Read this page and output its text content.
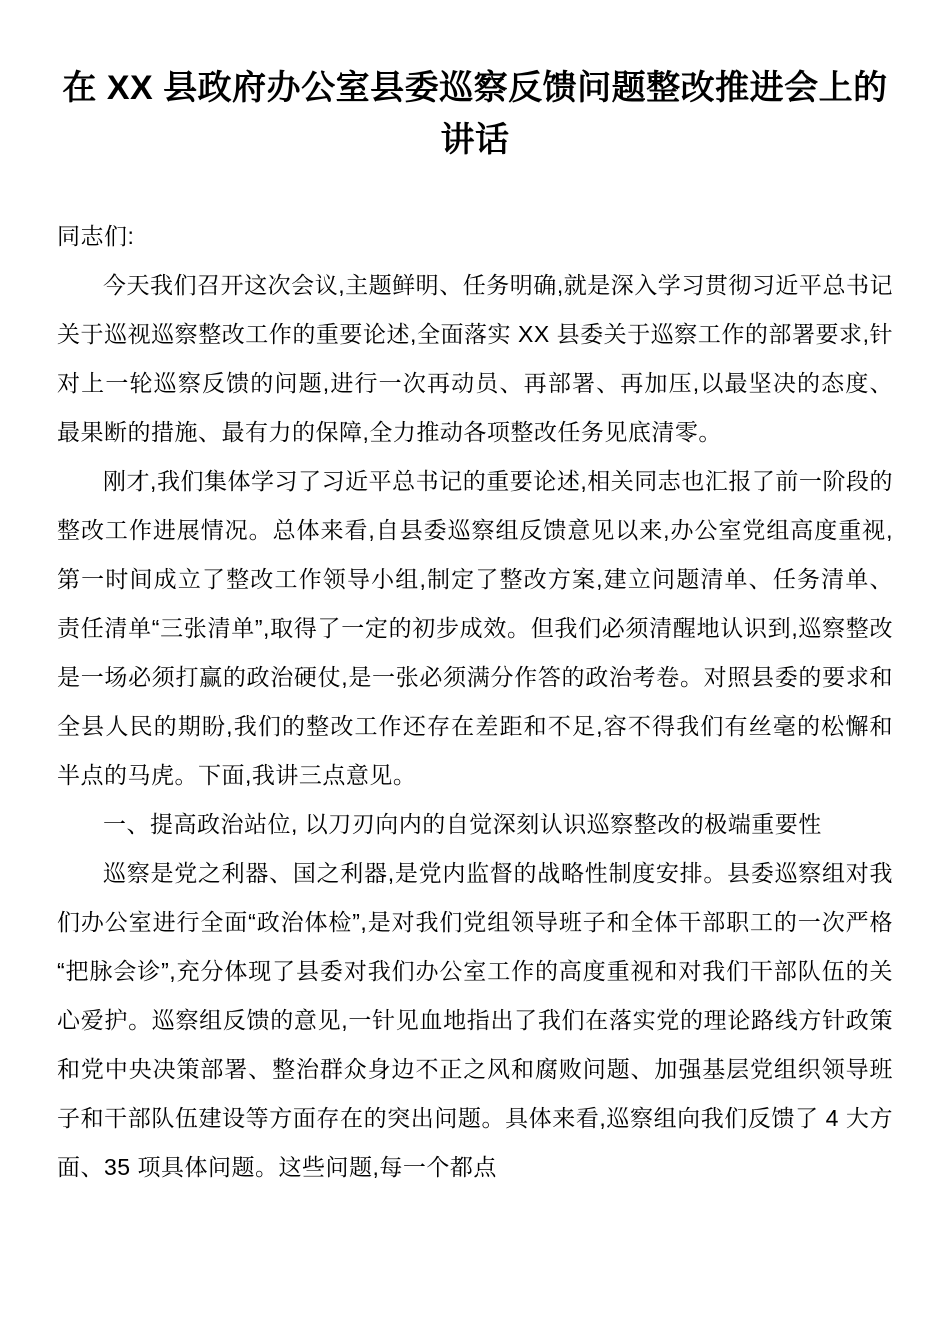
在 XX 县政府办公室县委巡察反馈问题整改推进会上的讲话

同志们:

今天我们召开这次会议,主题鲜明、任务明确,就是深入学习贯彻习近平总书记关于巡视巡察整改工作的重要论述,全面落实 XX 县委关于巡察工作的部署要求,针对上一轮巡察反馈的问题,进行一次再动员、再部署、再加压,以最坚决的态度、最果断的措施、最有力的保障,全力推动各项整改任务见底清零。

刚才,我们集体学习了习近平总书记的重要论述,相关同志也汇报了前一阶段的整改工作进展情况。总体来看,自县委巡察组反馈意见以来,办公室党组高度重视,第一时间成立了整改工作领导小组,制定了整改方案,建立问题清单、任务清单、责任清单“三张清单”,取得了一定的初步成效。但我们必须清醒地认识到,巡察整改是一场必须打赢的政治硬仗,是一张必须满分作答的政治考卷。对照县委的要求和全县人民的期盼,我们的整改工作还存在差距和不足,容不得我们有丝毫的松懈和半点的马虎。下面,我讲三点意见。

一、提高政治站位, 以刀刃向内的自觉深刻认识巡察整改的极端重要性

巡察是党之利器、国之利器,是党内监督的战略性制度安排。县委巡察组对我们办公室进行全面“政治体检”,是对我们党组领导班子和全体干部职工的一次严格“把脉会诊”,充分体现了县委对我们办公室工作的高度重视和对我们干部队伍的关心爱护。巡察组反馈的意见,一针见血地指出了我们在落实党的理论路线方针政策和党中央决策部署、整治群众身边不正之风和腐败问题、加强基层党组织领导班子和干部队伍建设等方面存在的突出问题。具体来看,巡察组向我们反馈了 4 大方面、35 项具体问题。这些问题,每一个都点
